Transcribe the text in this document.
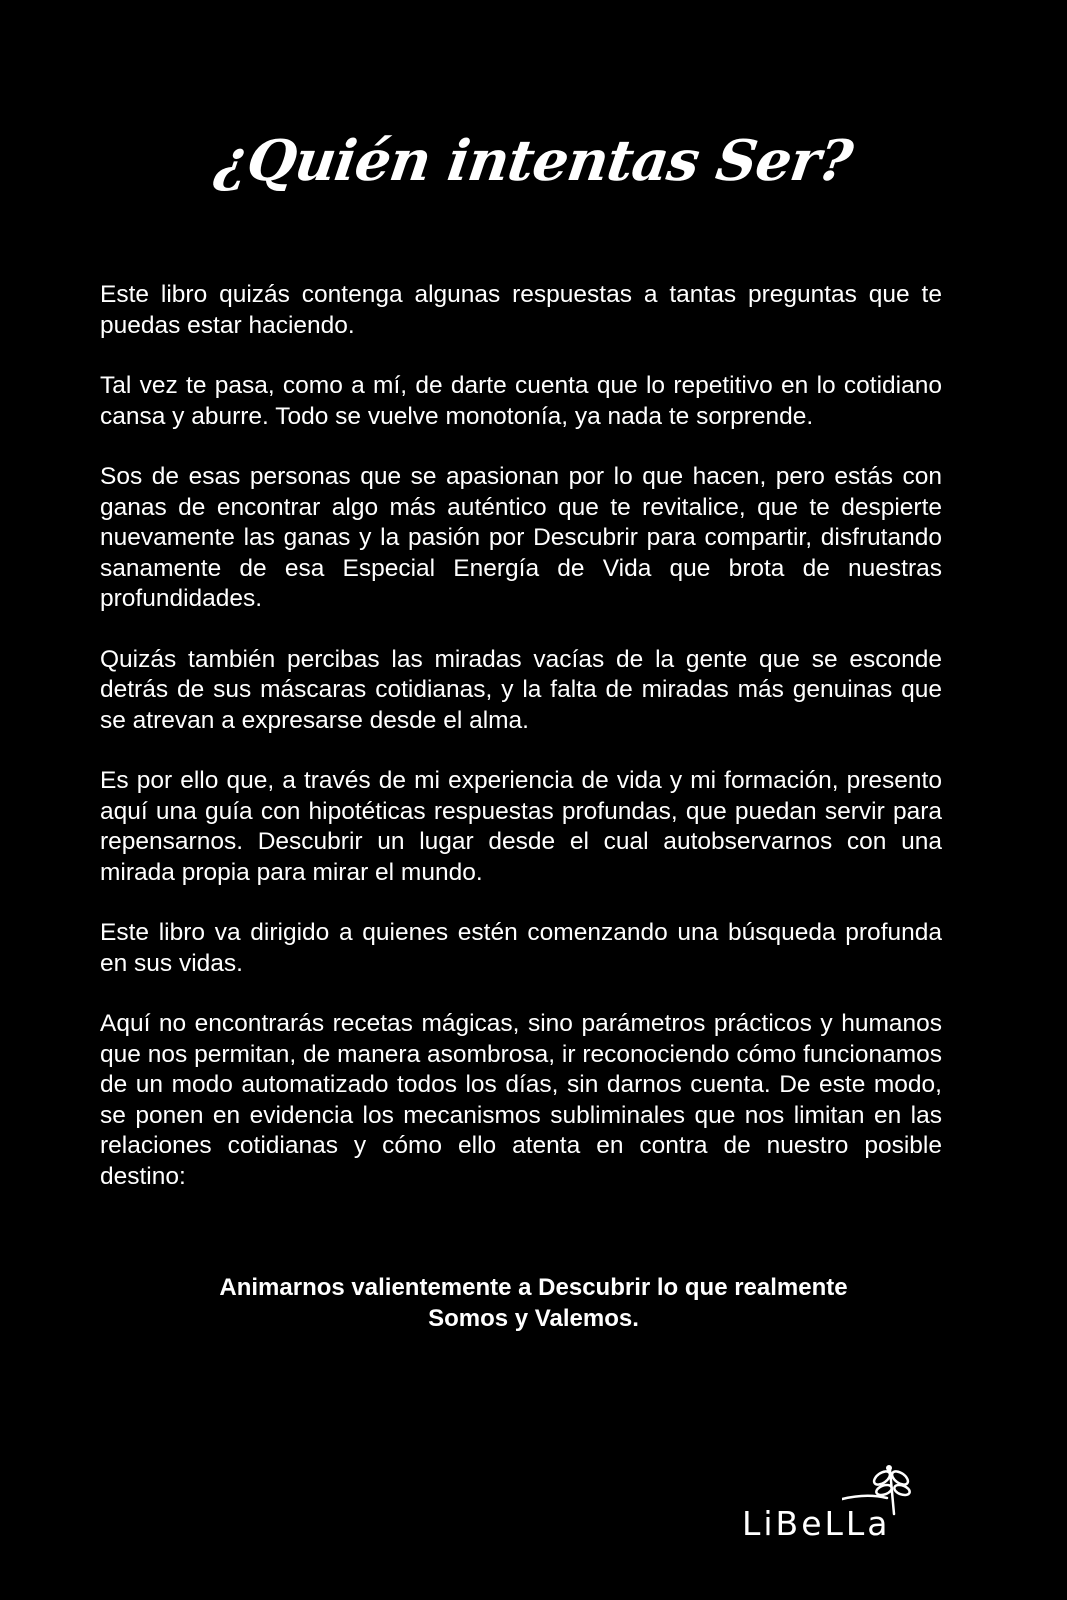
¿Quién intentas Ser?

Este libro quizás contenga algunas respuestas a tantas preguntas que te puedas estar haciendo.

Tal vez te pasa, como a mí, de darte cuenta que lo repetitivo en lo cotidiano cansa y aburre. Todo se vuelve monotonía, ya nada te sorprende.

Sos de esas personas que se apasionan por lo que hacen, pero estás con ganas de encontrar algo más auténtico que te revitalice, que te despierte nuevamente las ganas y la pasión por Descubrir para compartir, disfrutando sanamente de esa Especial Energía de Vida que brota de nuestras profundidades.

Quizás también percibas las miradas vacías de la gente que se esconde detrás de sus máscaras cotidianas, y la falta de miradas más genuinas que se atrevan a expresarse desde el alma.

Es por ello que, a través de mi experiencia de vida y mi formación, presento aquí una guía con hipotéticas respuestas profundas, que puedan servir para repensarnos. Descubrir un lugar desde el cual autobservarnos con una mirada propia para mirar el mundo.

Este libro va dirigido a quienes estén comenzando una búsqueda profunda en sus vidas.

Aquí no encontrarás recetas mágicas, sino parámetros prácticos y humanos que nos permitan, de manera asombrosa, ir reconociendo cómo funcionamos de un modo automatizado todos los días, sin darnos cuenta. De este modo, se ponen en evidencia los mecanismos subliminales que nos limitan en las relaciones cotidianas y cómo ello atenta en contra de nuestro posible destino:

Animarnos valientemente a Descubrir lo que realmente
Somos y Valemos.
LiBeLLa
